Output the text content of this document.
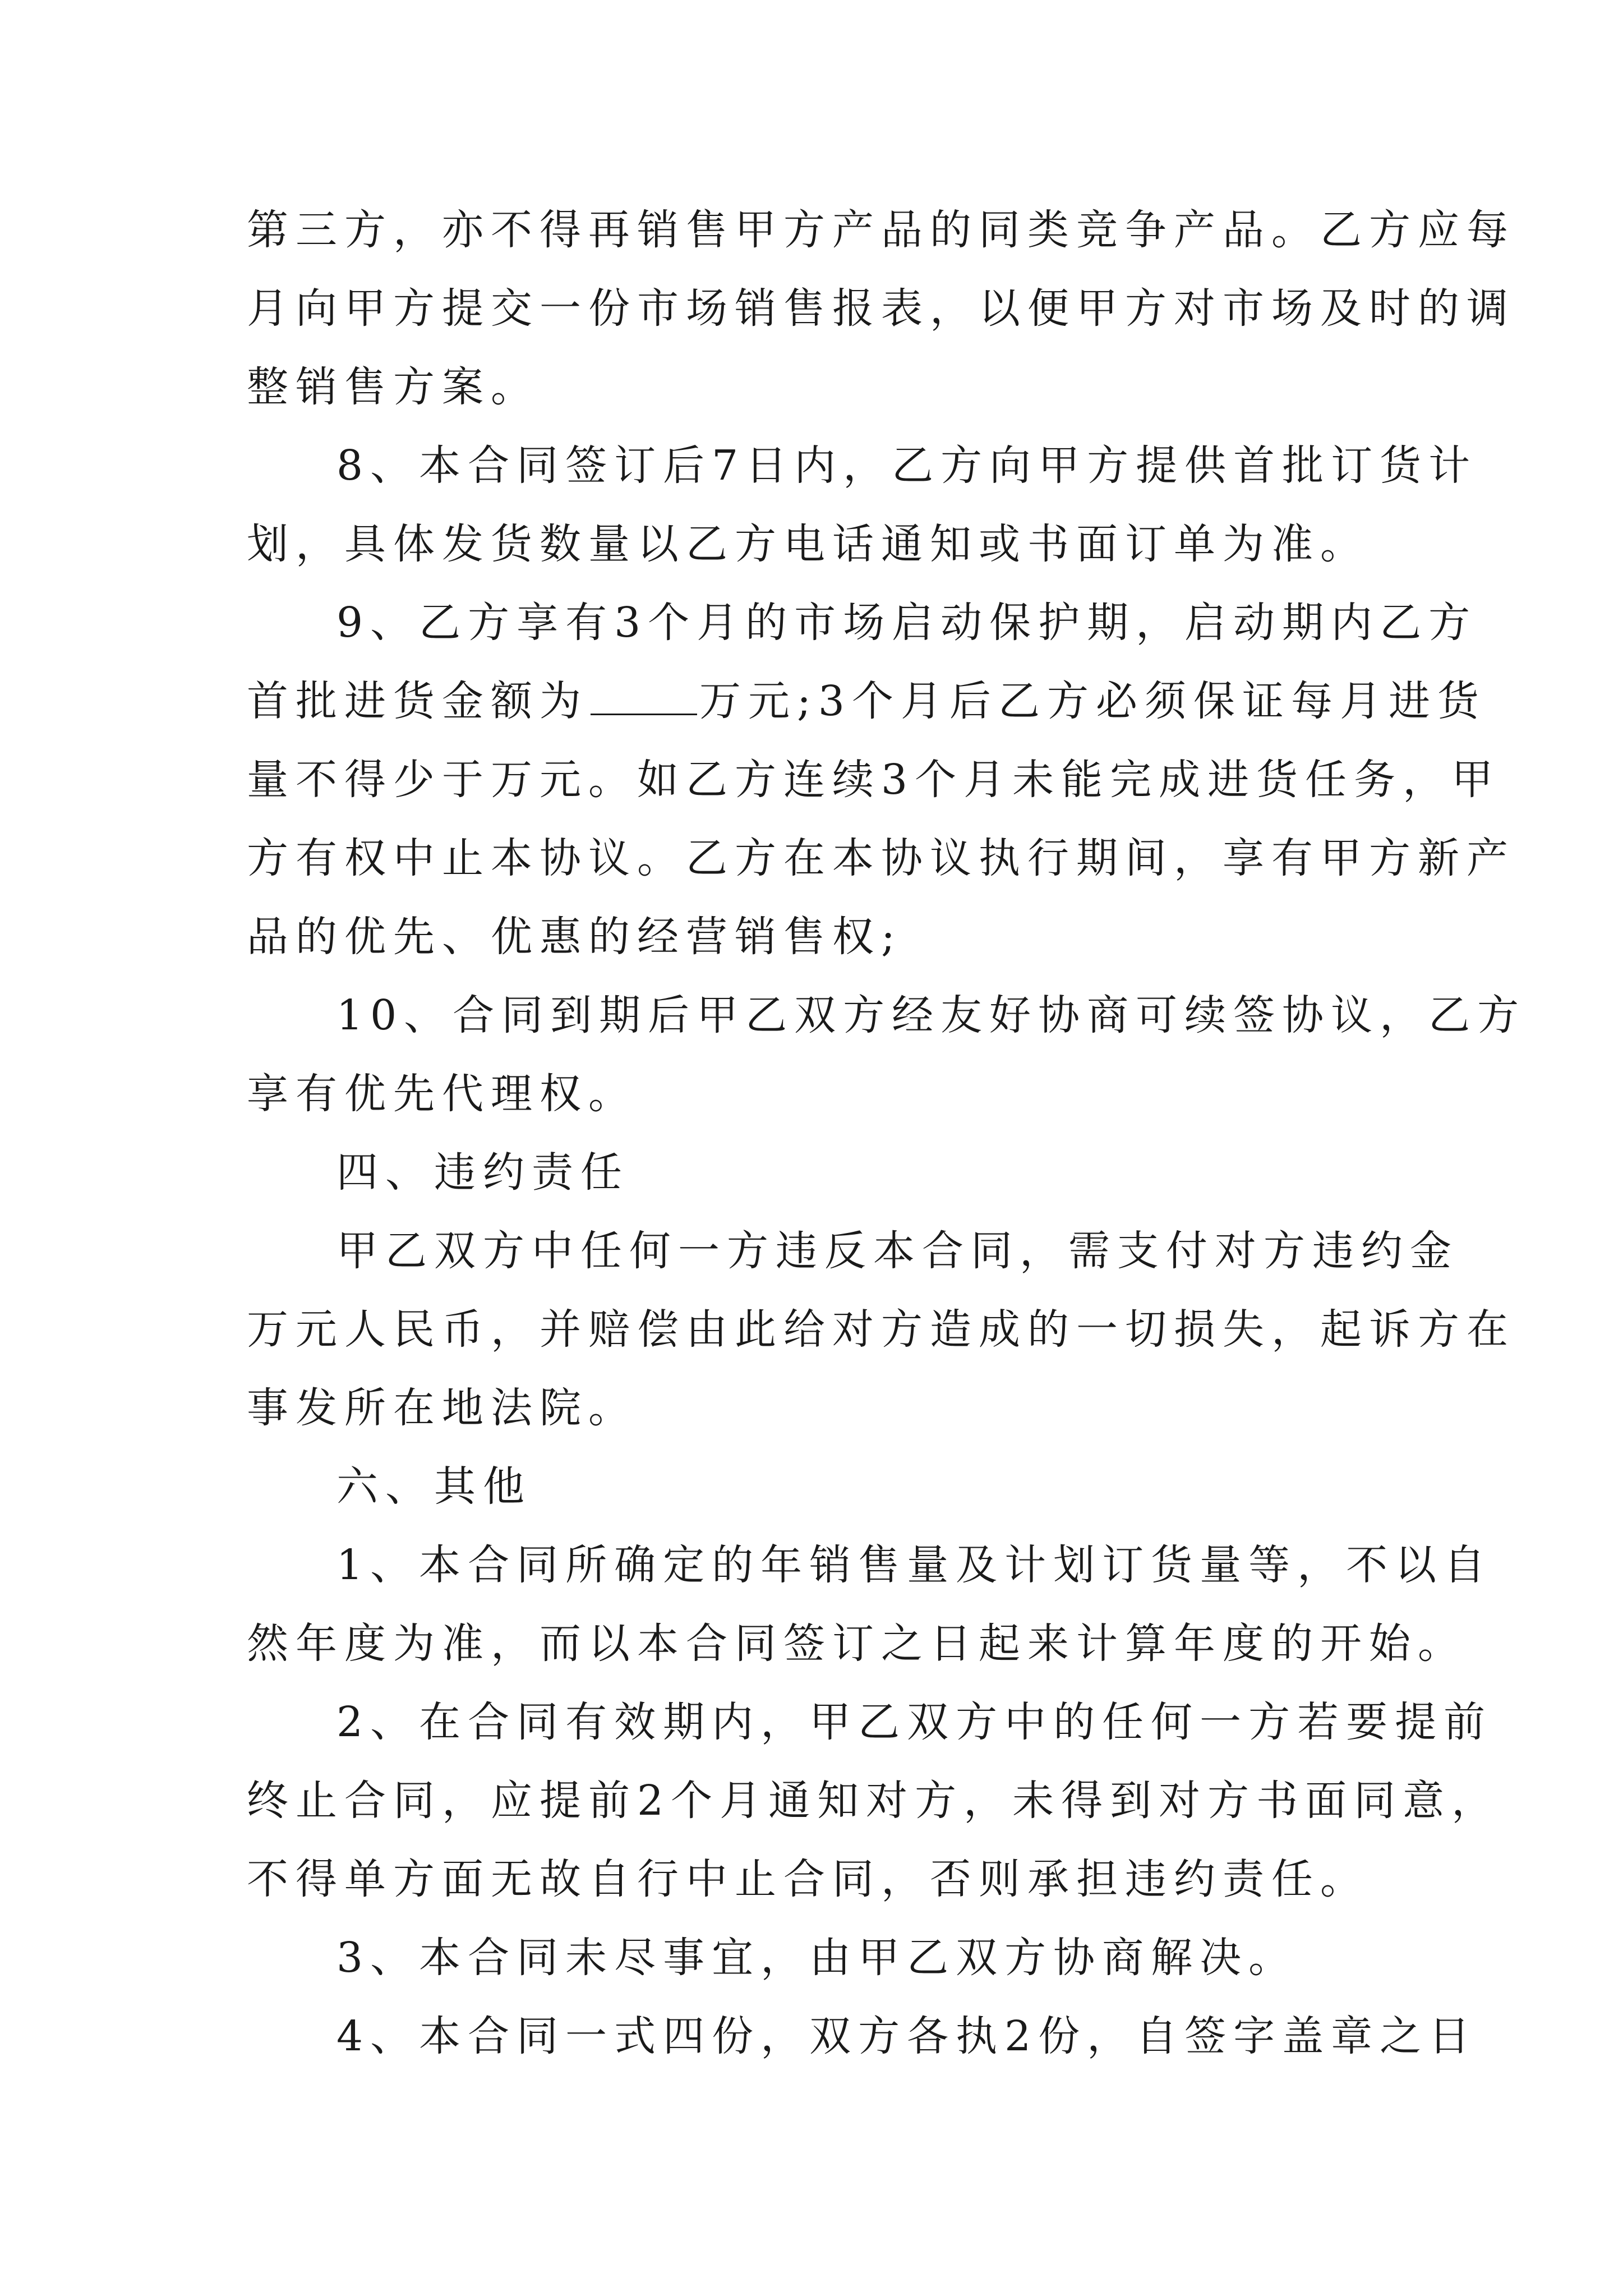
第三方，亦不得再销售甲方产品的同类竞争产品。乙方应每
月向甲方提交一份市场销售报表，以便甲方对市场及时的调
整销售方案。
8、本合同签订后7日内，乙方向甲方提供首批订货计
划，具体发货数量以乙方电话通知或书面订单为准。
9、乙方享有3个月的市场启动保护期，启动期内乙方
首批进货金额为	万元;3个月后乙方必须保证每月进货
量不得少于万元。如乙方连续3个月未能完成进货任务，甲
方有权中止本协议。乙方在本协议执行期间，享有甲方新产
品的优先、优惠的经营销售权;
10、合同到期后甲乙双方经友好协商可续签协议，乙方
享有优先代理权。
四、违约责任
甲乙双方中任何一方违反本合同，需支付对方违约金
万元人民币，并赔偿由此给对方造成的一切损失，起诉方在
事发所在地法院。
六、其他
1、本合同所确定的年销售量及计划订货量等，不以自
然年度为准，而以本合同签订之日起来计算年度的开始。
2、在合同有效期内，甲乙双方中的任何一方若要提前
终止合同，应提前2个月通知对方，未得到对方书面同意，
不得单方面无故自行中止合同，否则承担违约责任。
3、本合同未尽事宜，由甲乙双方协商解决。
4、本合同一式四份，双方各执2份，自签字盖章之日
